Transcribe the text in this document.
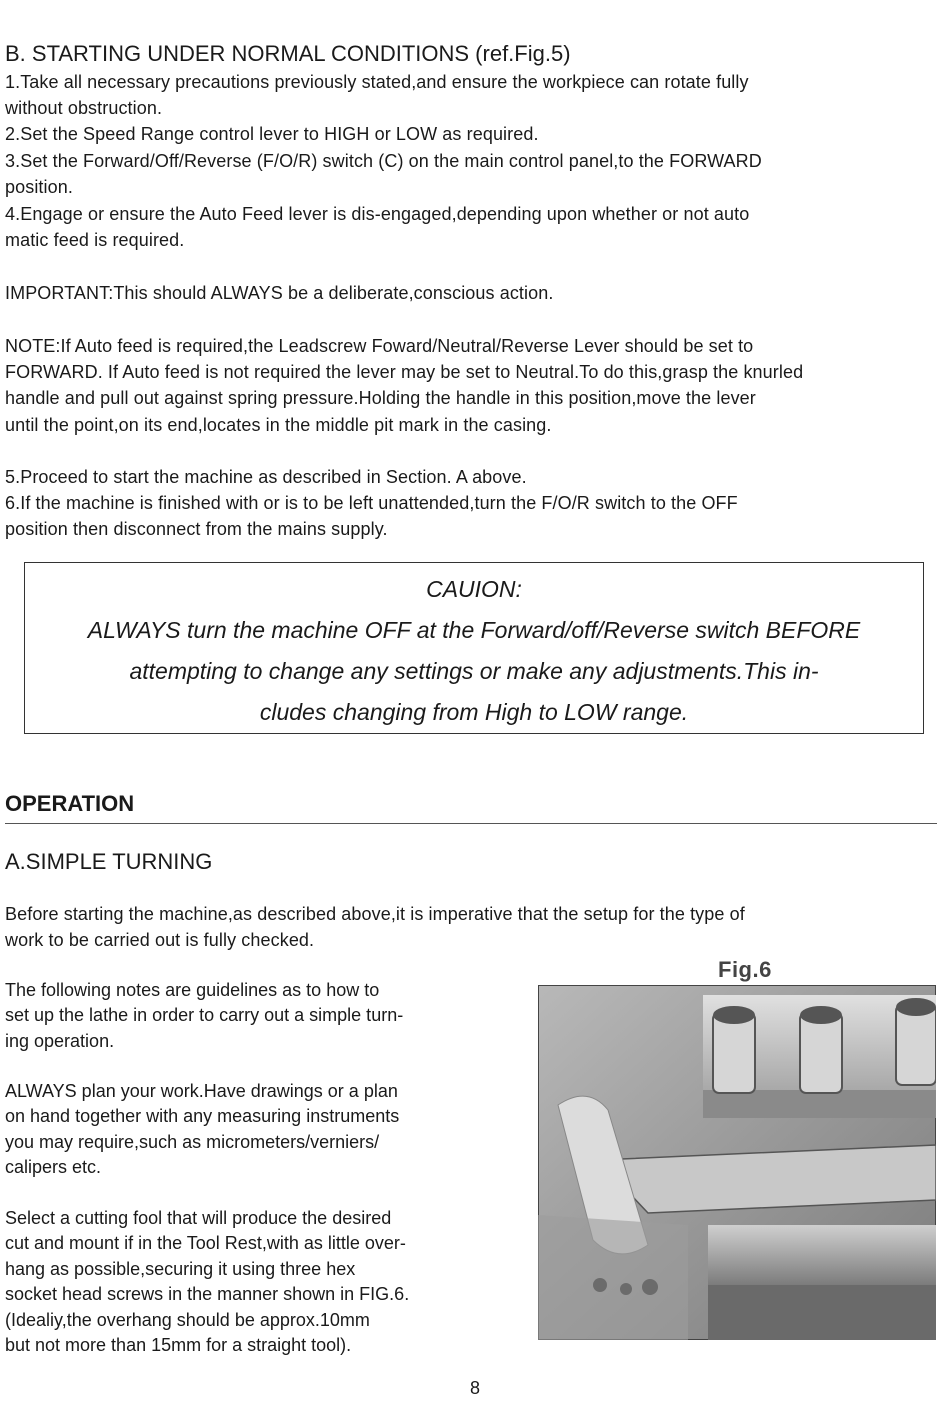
B. STARTING UNDER NORMAL CONDITIONS (ref.Fig.5)
1.Take all necessary precautions previously stated,and ensure the workpiece can rotate fully
without obstruction.
2.Set the Speed Range control lever to HIGH or LOW as required.
3.Set the Forward/Off/Reverse (F/O/R) switch (C) on the main control panel,to the FORWARD
position.
4.Engage or ensure the Auto Feed lever is dis-engaged,depending upon whether or not auto
matic feed is required.
IMPORTANT:This should ALWAYS be a deliberate,conscious action.
NOTE:If Auto feed is required,the Leadscrew Foward/Neutral/Reverse Lever should be set to
FORWARD. If Auto feed is not required the lever may be set to Neutral.To do this,grasp the knurled
handle and pull out against spring pressure.Holding the handle in this position,move the lever
until the point,on its end,locates in the middle pit mark in the casing.
5.Proceed to start the machine as described in Section. A above.
6.If the machine is finished with or is to be left unattended,turn the F/O/R switch to the OFF
position then disconnect from the mains supply.
CAUION:
ALWAYS turn the machine OFF at the Forward/off/Reverse switch BEFORE
attempting to change any settings or make any adjustments.This in-
cludes changing from High to LOW range.
OPERATION
A.SIMPLE TURNING
Before starting the machine,as described above,it is imperative that the setup for the type of
work to be carried out is fully checked.
The following notes are guidelines as to how to
set up the lathe in order to carry out a simple turn-
ing operation.
ALWAYS plan your work.Have drawings or a plan
on hand together with any measuring instruments
you may require,such as micrometers/verniers/
calipers etc.
Select a cutting fool that will produce the desired
cut and mount if in the Tool Rest,with as little over-
hang as possible,securing it using three hex
socket head screws in the manner shown in FIG.6.
(Idealiy,the overhang should be approx.10mm
but not more than 15mm for a straight tool).
Fig.6
8
